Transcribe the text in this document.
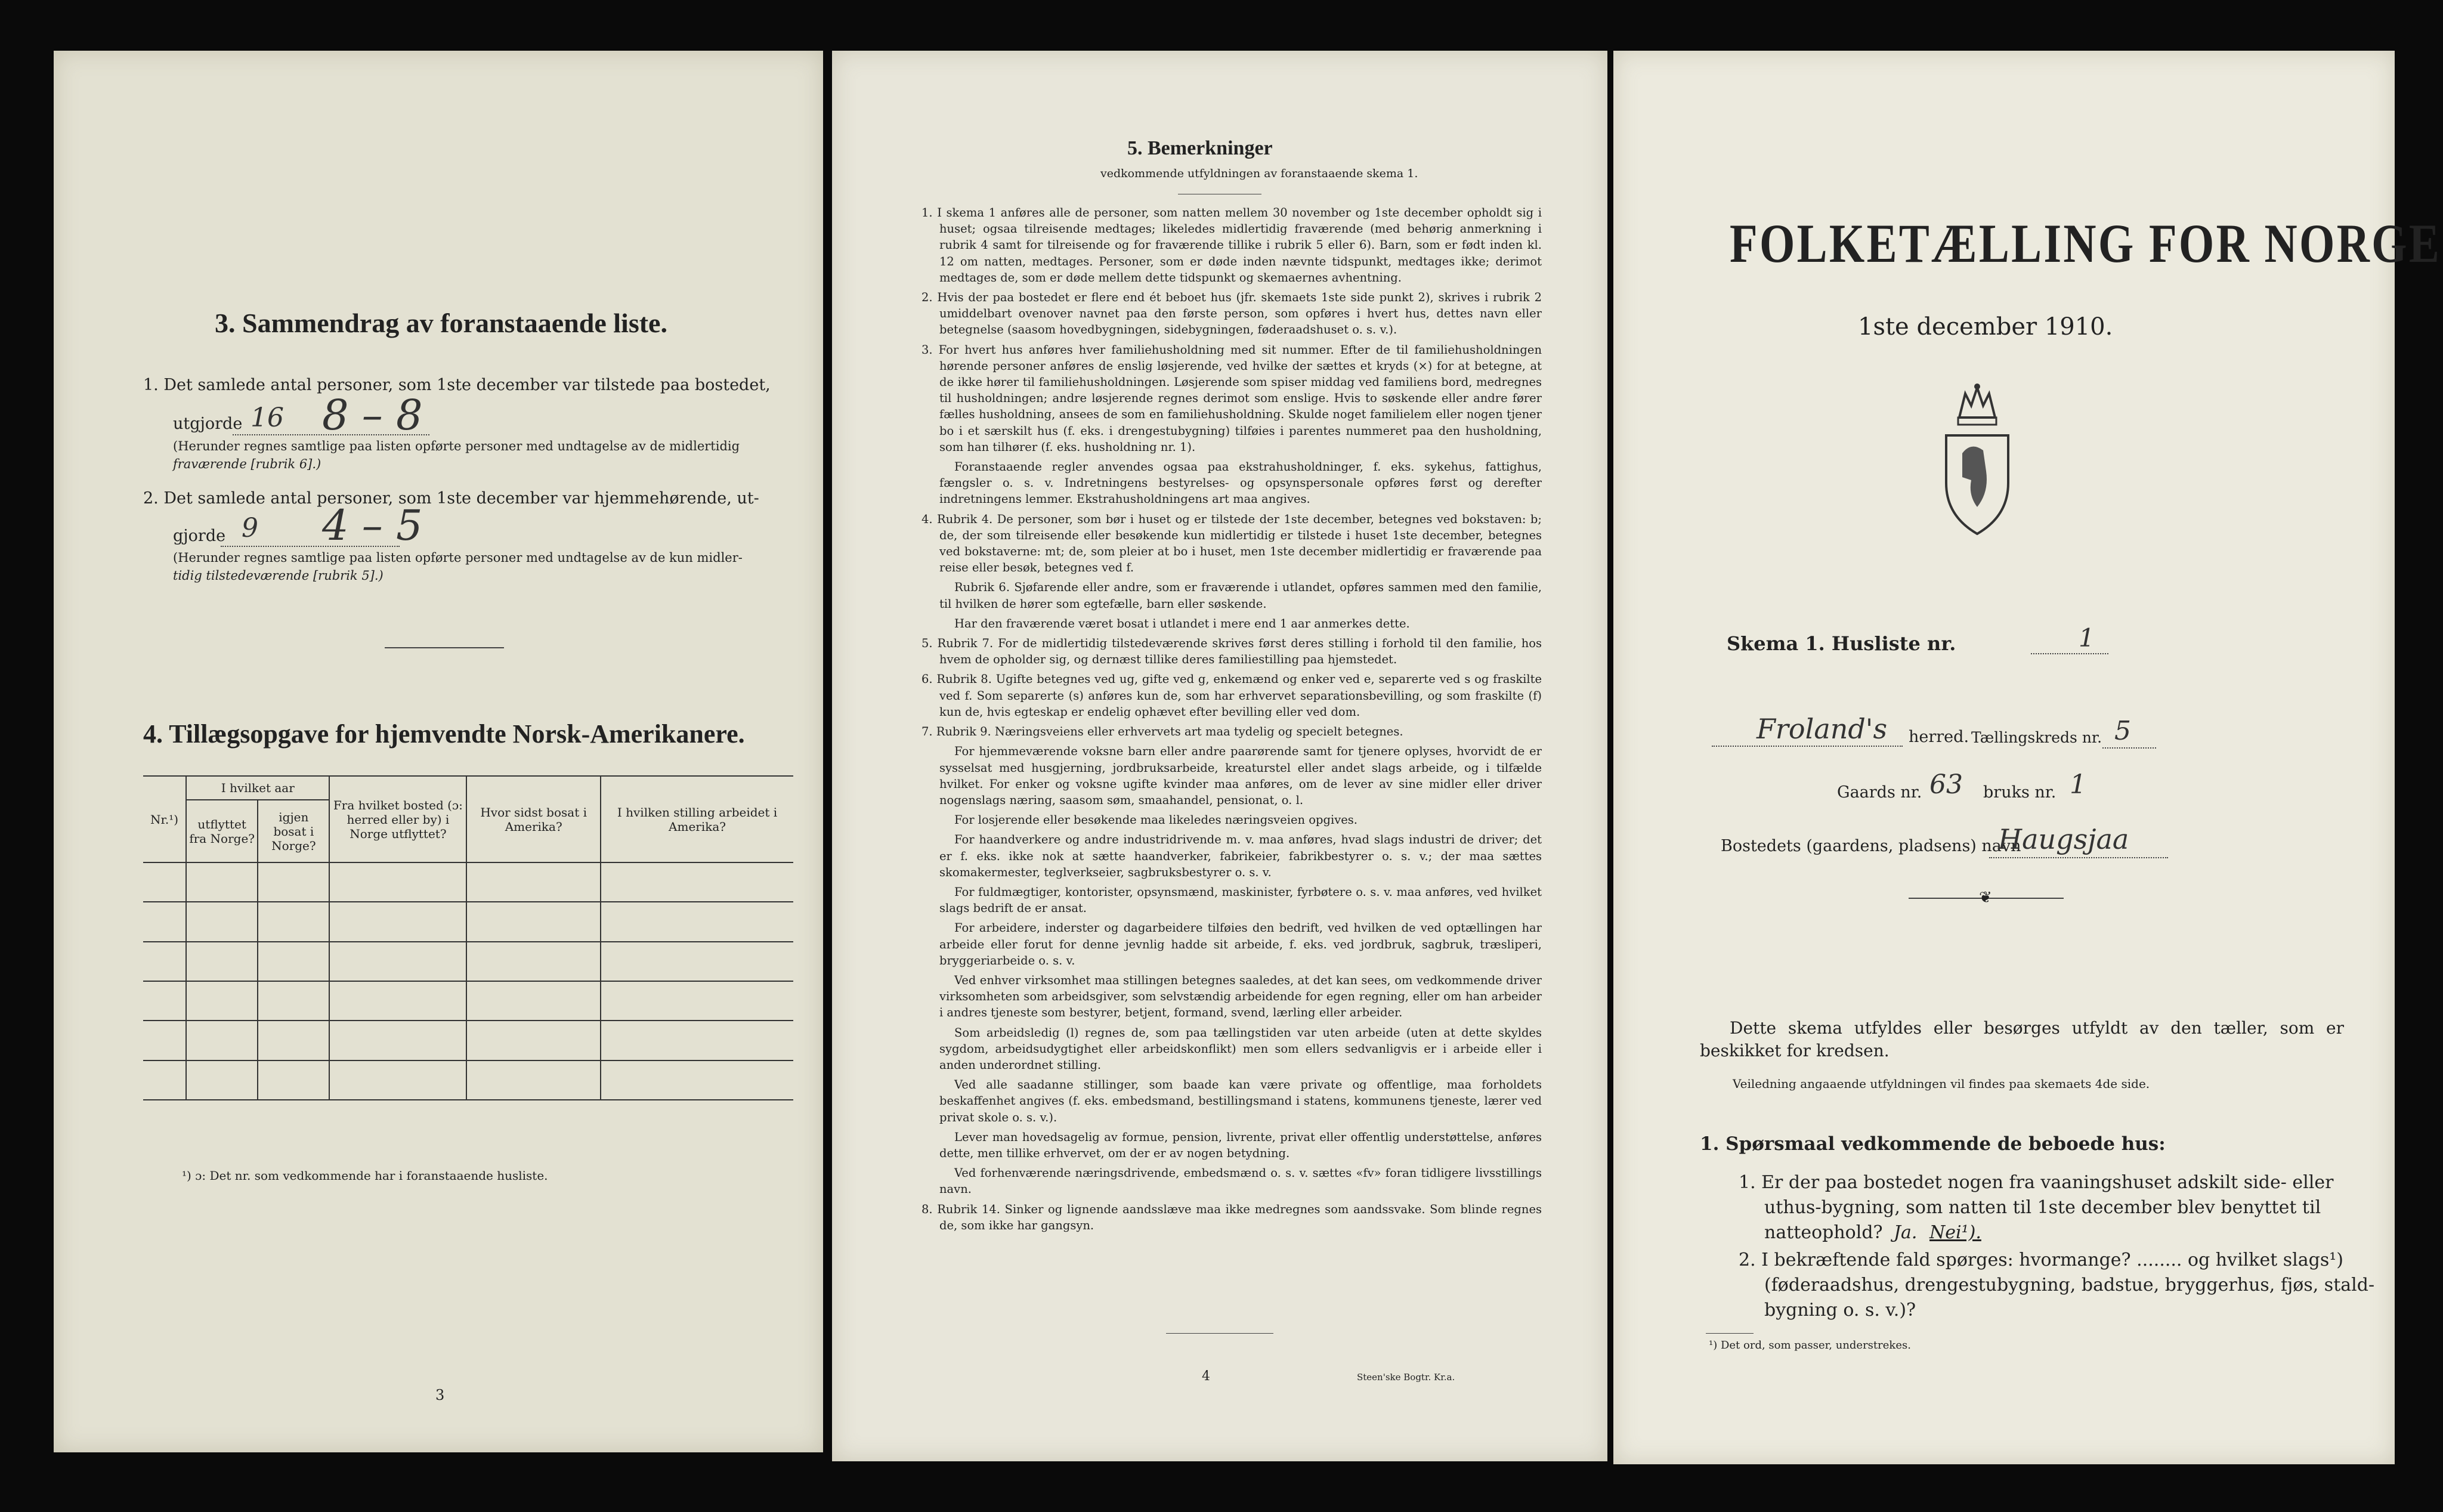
3. Sammendrag av foranstaaende liste.
1. Det samlede antal personer, som 1ste december var tilstede paa bostedet,
utgjorde 16 8 – 8
(Herunder regnes samtlige paa listen opførte personer med undtagelse av de midlertidig
fraværende [rubrik 6].)
2. Det samlede antal personer, som 1ste december var hjemmehørende, ut-
gjorde 9 4 – 5
(Herunder regnes samtlige paa listen opførte personer med undtagelse av de kun midler-
tidig tilstedeværende [rubrik 5].)
4. Tillægsopgave for hjemvendte Norsk-Amerikanere.
Nr.¹)	I hvilket aar		Fra hvilket bosted (ɔ: herred eller by) i Norge utflyttet?	Hvor sidst bosat i Amerika?	I hvilken stilling arbeidet i Amerika?
	utflyttet fra Norge?	igjen bosat i Norge?			

¹) ɔ: Det nr. som vedkommende har i foranstaaende husliste.
3
5. Bemerkninger
vedkommende utfyldningen av foranstaaende skema 1.
1. I skema 1 anføres alle de personer, som natten mellem 30 november og 1ste december opholdt sig i huset; ogsaa tilreisende medtages; likeledes midlertidig fraværende (med behørig anmerkning i rubrik 4 samt for tilreisende og for fraværende tillike i rubrik 5 eller 6). Barn, som er født inden kl. 12 om natten, medtages. Personer, som er døde inden nævnte tidspunkt, medtages ikke; derimot medtages de, som er døde mellem dette tidspunkt og skemaernes avhentning.
2. Hvis der paa bostedet er flere end ét beboet hus (jfr. skemaets 1ste side punkt 2), skrives i rubrik 2 umiddelbart ovenover navnet paa den første person, som opføres i hvert hus, dettes navn eller betegnelse (saasom hovedbygningen, sidebygningen, føderaadshuset o. s. v.).
3. For hvert hus anføres hver familiehusholdning med sit nummer. Efter de til familiehusholdningen hørende personer anføres de enslig løsjerende, ved hvilke der sættes et kryds (×) for at betegne, at de ikke hører til familiehusholdningen. Løsjerende som spiser middag ved familiens bord, medregnes til husholdningen; andre løsjerende regnes derimot som enslige. Hvis to søskende eller andre fører fælles husholdning, ansees de som en familiehusholdning. Skulde noget familielem eller nogen tjener bo i et særskilt hus (f. eks. i drengestubygning) tilføies i parentes nummeret paa den husholdning, som han tilhører (f. eks. husholdning nr. 1).
Foranstaaende regler anvendes ogsaa paa ekstrahusholdninger, f. eks. sykehus, fattighus, fængsler o. s. v. Indretningens bestyrelses- og opsynspersonale opføres først og derefter indretningens lemmer. Ekstrahusholdningens art maa angives.
4. Rubrik 4. De personer, som bør i huset og er tilstede der 1ste december, betegnes ved bokstaven: b; de, der som tilreisende eller besøkende kun midlertidig er tilstede i huset 1ste december, betegnes ved bokstaverne: mt; de, som pleier at bo i huset, men 1ste december midlertidig er fraværende paa reise eller besøk, betegnes ved f.
Rubrik 6. Sjøfarende eller andre, som er fraværende i utlandet, opføres sammen med den familie, til hvilken de hører som egtefælle, barn eller søskende.
Har den fraværende været bosat i utlandet i mere end 1 aar anmerkes dette.
5. Rubrik 7. For de midlertidig tilstedeværende skrives først deres stilling i forhold til den familie, hos hvem de opholder sig, og dernæst tillike deres familiestilling paa hjemstedet.
6. Rubrik 8. Ugifte betegnes ved ug, gifte ved g, enkemænd og enker ved e, separerte ved s og fraskilte ved f. Som separerte (s) anføres kun de, som har erhvervet separationsbevilling, og som fraskilte (f) kun de, hvis egteskap er endelig ophævet efter bevilling eller ved dom.
7. Rubrik 9. Næringsveiens eller erhvervets art maa tydelig og specielt betegnes.
For hjemmeværende voksne barn eller andre paarørende samt for tjenere oplyses, hvorvidt de er sysselsat med husgjerning, jordbruksarbeide, kreaturstel eller andet slags arbeide, og i tilfælde hvilket. For enker og voksne ugifte kvinder maa anføres, om de lever av sine midler eller driver nogenslags næring, saasom søm, smaahandel, pensionat, o. l.
For losjerende eller besøkende maa likeledes næringsveien opgives.
For haandverkere og andre industridrivende m. v. maa anføres, hvad slags industri de driver; det er f. eks. ikke nok at sætte haandverker, fabrikeier, fabrikbestyrer o. s. v.; der maa sættes skomakermester, teglverkseier, sagbruksbestyrer o. s. v.
For fuldmægtiger, kontorister, opsynsmænd, maskinister, fyrbøtere o. s. v. maa anføres, ved hvilket slags bedrift de er ansat.
For arbeidere, inderster og dagarbeidere tilføies den bedrift, ved hvilken de ved optællingen har arbeide eller forut for denne jevnlig hadde sit arbeide, f. eks. ved jordbruk, sagbruk, træsliperi, bryggeriarbeide o. s. v.
Ved enhver virksomhet maa stillingen betegnes saaledes, at det kan sees, om vedkommende driver virksomheten som arbeidsgiver, som selvstændig arbeidende for egen regning, eller om han arbeider i andres tjeneste som bestyrer, betjent, formand, svend, lærling eller arbeider.
Som arbeidsledig (l) regnes de, som paa tællingstiden var uten arbeide (uten at dette skyldes sygdom, arbeidsudygtighet eller arbeidskonflikt) men som ellers sedvanligvis er i arbeide eller i anden underordnet stilling.
Ved alle saadanne stillinger, som baade kan være private og offentlige, maa forholdets beskaffenhet angives (f. eks. embedsmand, bestillingsmand i statens, kommunens tjeneste, lærer ved privat skole o. s. v.).
Lever man hovedsagelig av formue, pension, livrente, privat eller offentlig understøttelse, anføres dette, men tillike erhvervet, om der er av nogen betydning.
Ved forhenværende næringsdrivende, embedsmænd o. s. v. sættes «fv» foran tidligere livsstillings navn.
8. Rubrik 14. Sinker og lignende aandsslæve maa ikke medregnes som aandssvake. Som blinde regnes de, som ikke har gangsyn.
4	Steen'ske Bogtr. Kr.a.
FOLKETÆLLING FOR NORGE
1ste december 1910.
Skema 1. Husliste nr.	1
Froland's herred. Tællingskreds nr. 5
Gaards nr. 63 bruks nr. 1
Bostedets (gaardens, pladsens) navn
Haugsjaa
❦
Dette skema utfyldes eller besørges utfyldt av den tæller, som er beskikket for kredsen.
Veiledning angaaende utfyldningen vil findes paa skemaets 4de side.
1. Spørsmaal vedkommende de beboede hus:
1. Er der paa bostedet nogen fra vaaningshuset adskilt side- eller
uthus-bygning, som natten til 1ste december blev benyttet til
natteophold? Ja. Nei¹).
2. I bekræftende fald spørges: hvormange? ........ og hvilket slags¹)
(føderaadshus, drengestubygning, badstue, bryggerhus, fjøs, stald-
bygning o. s. v.)?
¹) Det ord, som passer, understrekes.
